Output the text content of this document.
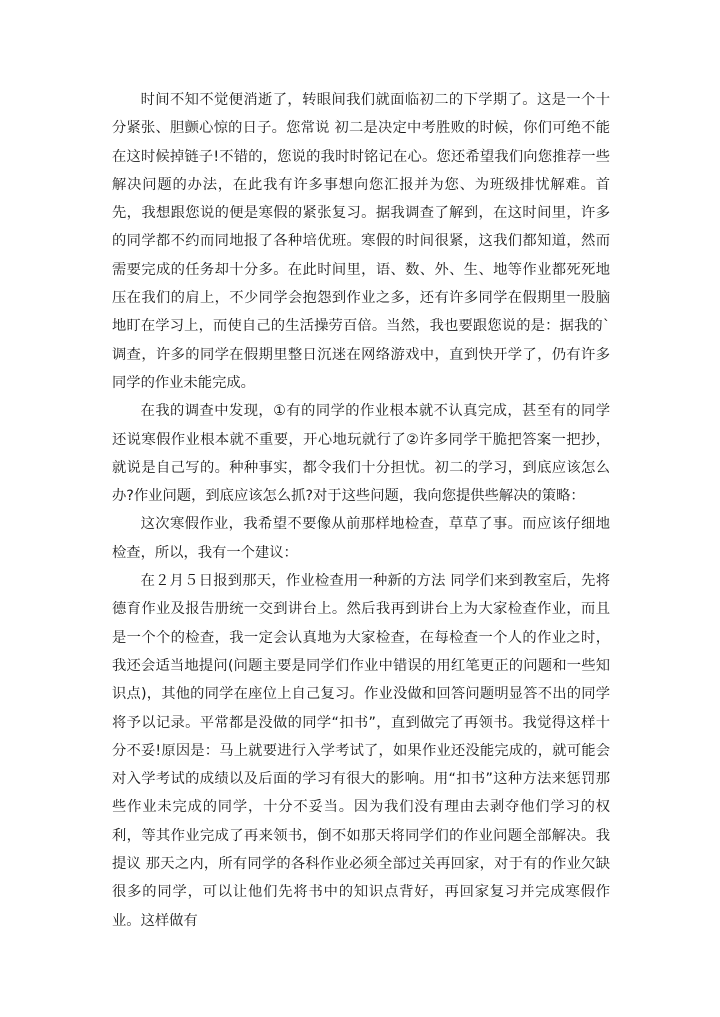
时间不知不觉便消逝了，转眼间我们就面临初二的下学期了。这是一个十分紧张、胆颤心惊的日子。您常说 初二是决定中考胜败的时候，你们可绝不能在这时候掉链子!不错的，您说的我时时铭记在心。您还希望我们向您推荐一些解决问题的办法，在此我有许多事想向您汇报并为您、为班级排忧解难。首先，我想跟您说的便是寒假的紧张复习。据我调查了解到，在这时间里，许多的同学都不约而同地报了各种培优班。寒假的时间很紧，这我们都知道，然而需要完成的任务却十分多。在此时间里，语、数、外、生、地等作业都死死地压在我们的肩上，不少同学会抱怨到作业之多，还有许多同学在假期里一股脑地盯在学习上，而使自己的生活操劳百倍。当然，我也要跟您说的是：据我的`调查，许多的同学在假期里整日沉迷在网络游戏中，直到快开学了，仍有许多同学的作业未能完成。

在我的调查中发现，①有的同学的作业根本就不认真完成，甚至有的同学还说寒假作业根本就不重要，开心地玩就行了②许多同学干脆把答案一把抄，就说是自己写的。种种事实，都令我们十分担忧。初二的学习，到底应该怎么办?作业问题，到底应该怎么抓?对于这些问题，我向您提供些解决的策略：

这次寒假作业，我希望不要像从前那样地检查，草草了事。而应该仔细地检查，所以，我有一个建议：

在２月５日报到那天，作业检查用一种新的方法 同学们来到教室后，先将德育作业及报告册统一交到讲台上。然后我再到讲台上为大家检查作业，而且是一个个的检查，我一定会认真地为大家检查，在每检查一个人的作业之时，我还会适当地提问(问题主要是同学们作业中错误的用红笔更正的问题和一些知识点)，其他的同学在座位上自己复习。作业没做和回答问题明显答不出的同学将予以记录。平常都是没做的同学“扣书”，直到做完了再领书。我觉得这样十分不妥!原因是：马上就要进行入学考试了，如果作业还没能完成的，就可能会对入学考试的成绩以及后面的学习有很大的影响。用“扣书”这种方法来惩罚那些作业未完成的同学，十分不妥当。因为我们没有理由去剥夺他们学习的权利，等其作业完成了再来领书，倒不如那天将同学们的作业问题全部解决。我提议 那天之内，所有同学的各科作业必须全部过关再回家，对于有的作业欠缺很多的同学，可以让他们先将书中的知识点背好，再回家复习并完成寒假作业。这样做有
